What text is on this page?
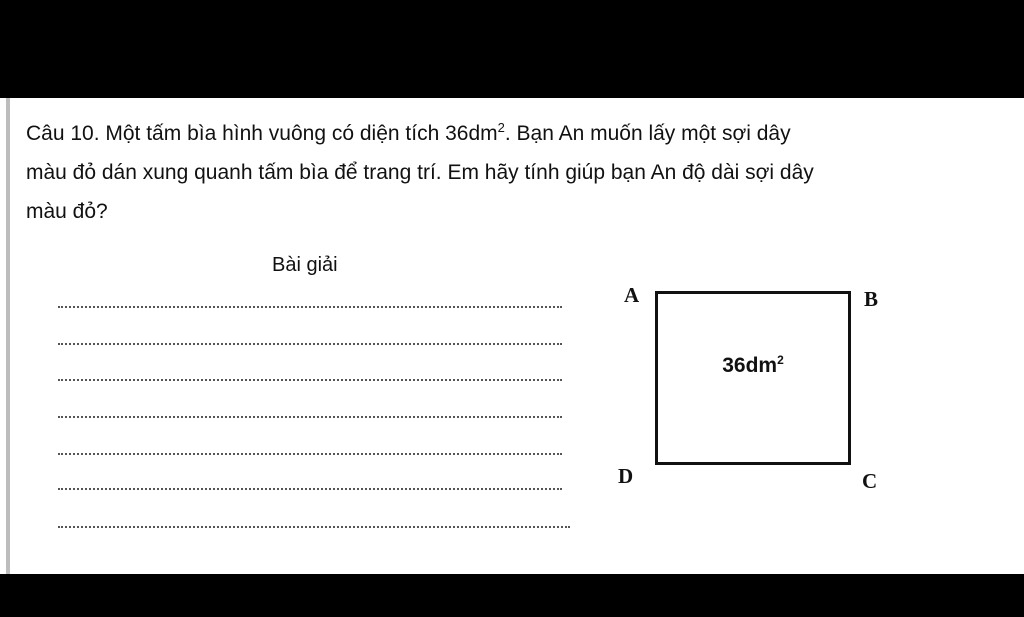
Câu 10. Một tấm bìa hình vuông có diện tích $36dm^2$. Bạn An muốn lấy một sợi dây
màu đỏ dán xung quanh tấm bìa để trang trí. Em hãy tính giúp bạn An độ dài sợi dây
màu đỏ?

Bài giải
$36dm^2$
A	B
C
D
